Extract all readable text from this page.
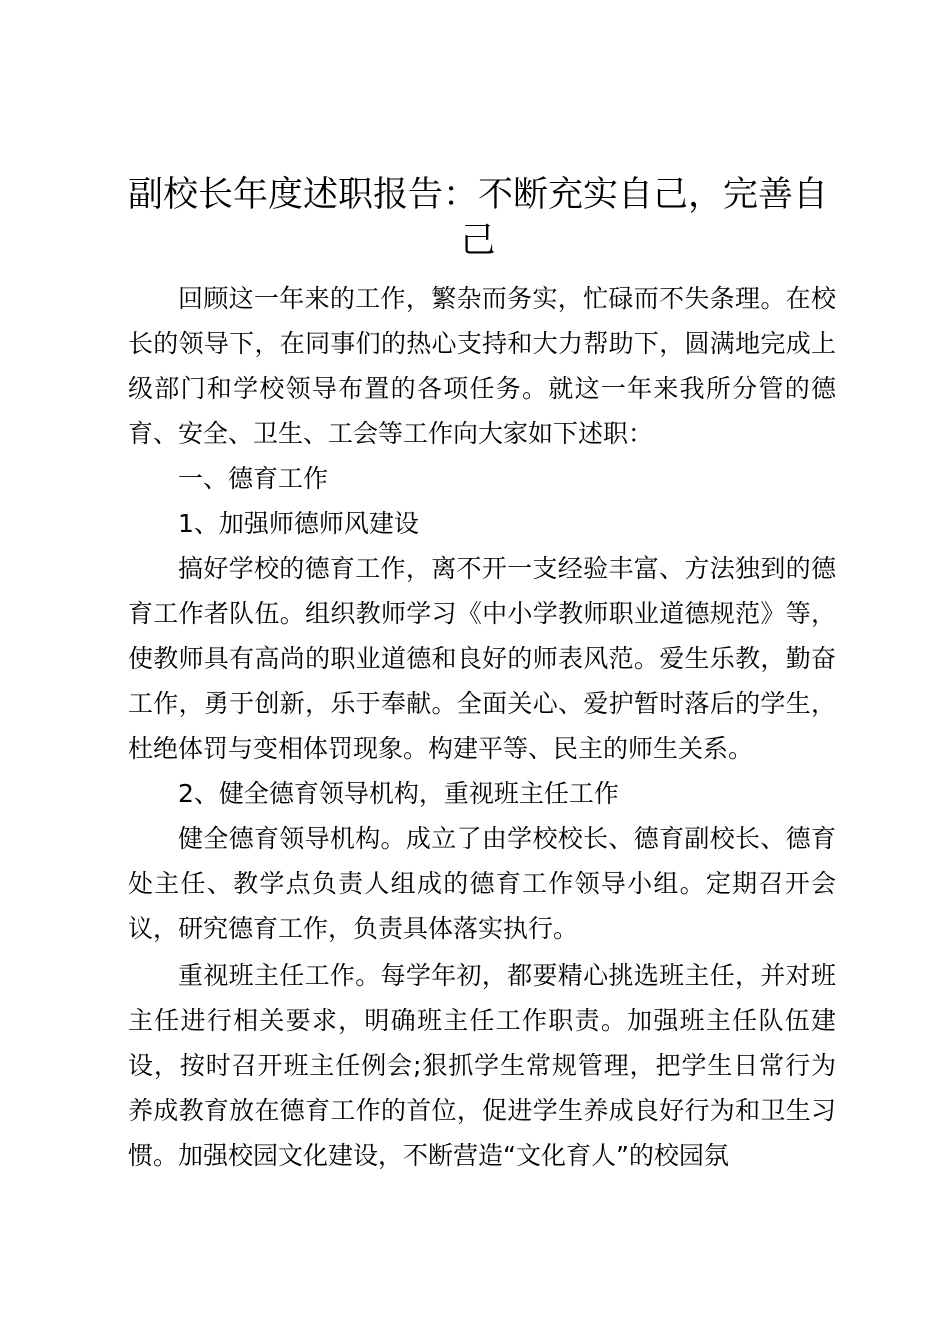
副校长年度述职报告：不断充实自己，完善自己

回顾这一年来的工作，繁杂而务实，忙碌而不失条理。在校长的领导下，在同事们的热心支持和大力帮助下，圆满地完成上级部门和学校领导布置的各项任务。就这一年来我所分管的德育、安全、卫生、工会等工作向大家如下述职：

一、德育工作

1、加强师德师风建设

搞好学校的德育工作，离不开一支经验丰富、方法独到的德育工作者队伍。组织教师学习《中小学教师职业道德规范》等，使教师具有高尚的职业道德和良好的师表风范。爱生乐教，勤奋工作，勇于创新，乐于奉献。全面关心、爱护暂时落后的学生，杜绝体罚与变相体罚现象。构建平等、民主的师生关系。

2、健全德育领导机构，重视班主任工作

健全德育领导机构。成立了由学校校长、德育副校长、德育处主任、教学点负责人组成的德育工作领导小组。定期召开会议，研究德育工作，负责具体落实执行。

重视班主任工作。每学年初，都要精心挑选班主任，并对班主任进行相关要求，明确班主任工作职责。加强班主任队伍建设，按时召开班主任例会;狠抓学生常规管理，把学生日常行为养成教育放在德育工作的首位，促进学生养成良好行为和卫生习惯。加强校园文化建设，不断营造“文化育人”的校园氛
